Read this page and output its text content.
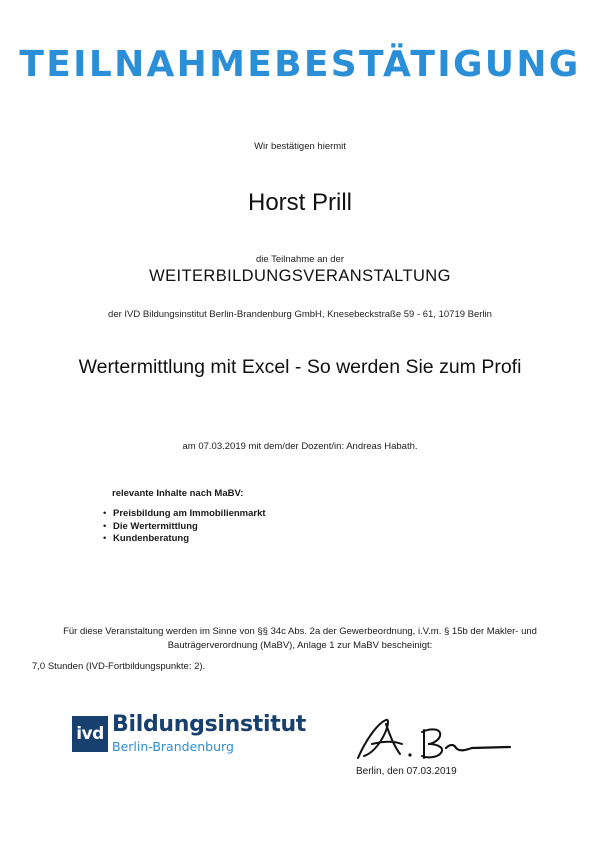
TEILNAHMEBESTÄTIGUNG
Wir bestätigen hiermit
Horst Prill
die Teilnahme an der
WEITERBILDUNGSVERANSTALTUNG
der IVD Bildungsinstitut Berlin-Brandenburg GmbH, Knesebeckstraße 59 - 61, 10719 Berlin
Wertermittlung mit Excel - So werden Sie zum Profi
am 07.03.2019 mit dem/der Dozent/in: Andreas Habath.
relevante Inhalte nach MaBV:
• Preisbildung am Immobilienmarkt
• Die Wertermittlung
• Kundenberatung
Für diese Veranstaltung werden im Sinne von §§ 34c Abs. 2a der Gewerbeordnung, i.V.m. § 15b der Makler- und
Bauträgerverordnung (MaBV), Anlage 1 zur MaBV bescheinigt:
7,0 Stunden (IVD-Fortbildungspunkte: 2).
ivd Bildungsinstitut
Berlin-Brandenburg
Berlin, den 07.03.2019
